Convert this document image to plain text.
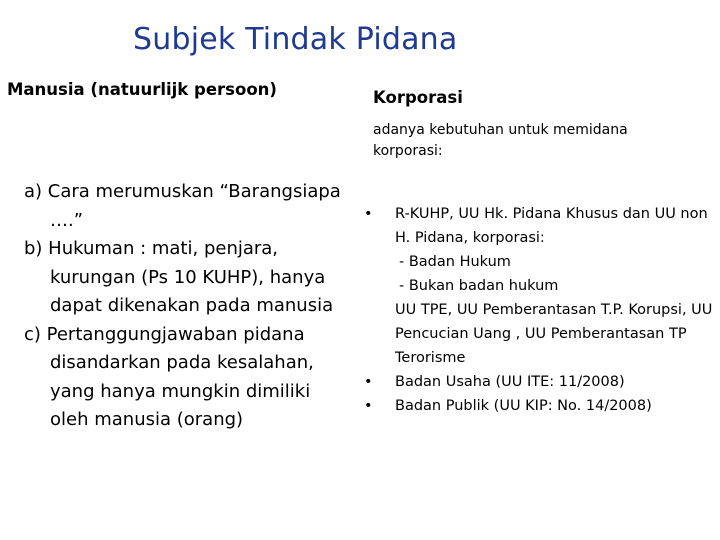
Subjek Tindak Pidana
Manusia (natuurlijk persoon)	Korporasi
adanya kebutuhan untuk memidana korporasi:
a) Cara merumuskan “Barangsiapa ….”
b) Hukuman : mati, penjara, kurungan (Ps 10 KUHP), hanya dapat dikenakan pada manusia
c) Pertanggungjawaban pidana disandarkan pada kesalahan, yang hanya mungkin dimiliki oleh manusia (orang)
• R-KUHP, UU Hk. Pidana Khusus dan UU non H. Pidana, korporasi:
- Badan Hukum
- Bukan badan hukum
UU TPE, UU Pemberantasan T.P. Korupsi, UU Pencucian Uang , UU Pemberantasan TP Terorisme
• Badan Usaha (UU ITE: 11/2008)
• Badan Publik (UU KIP: No. 14/2008)
